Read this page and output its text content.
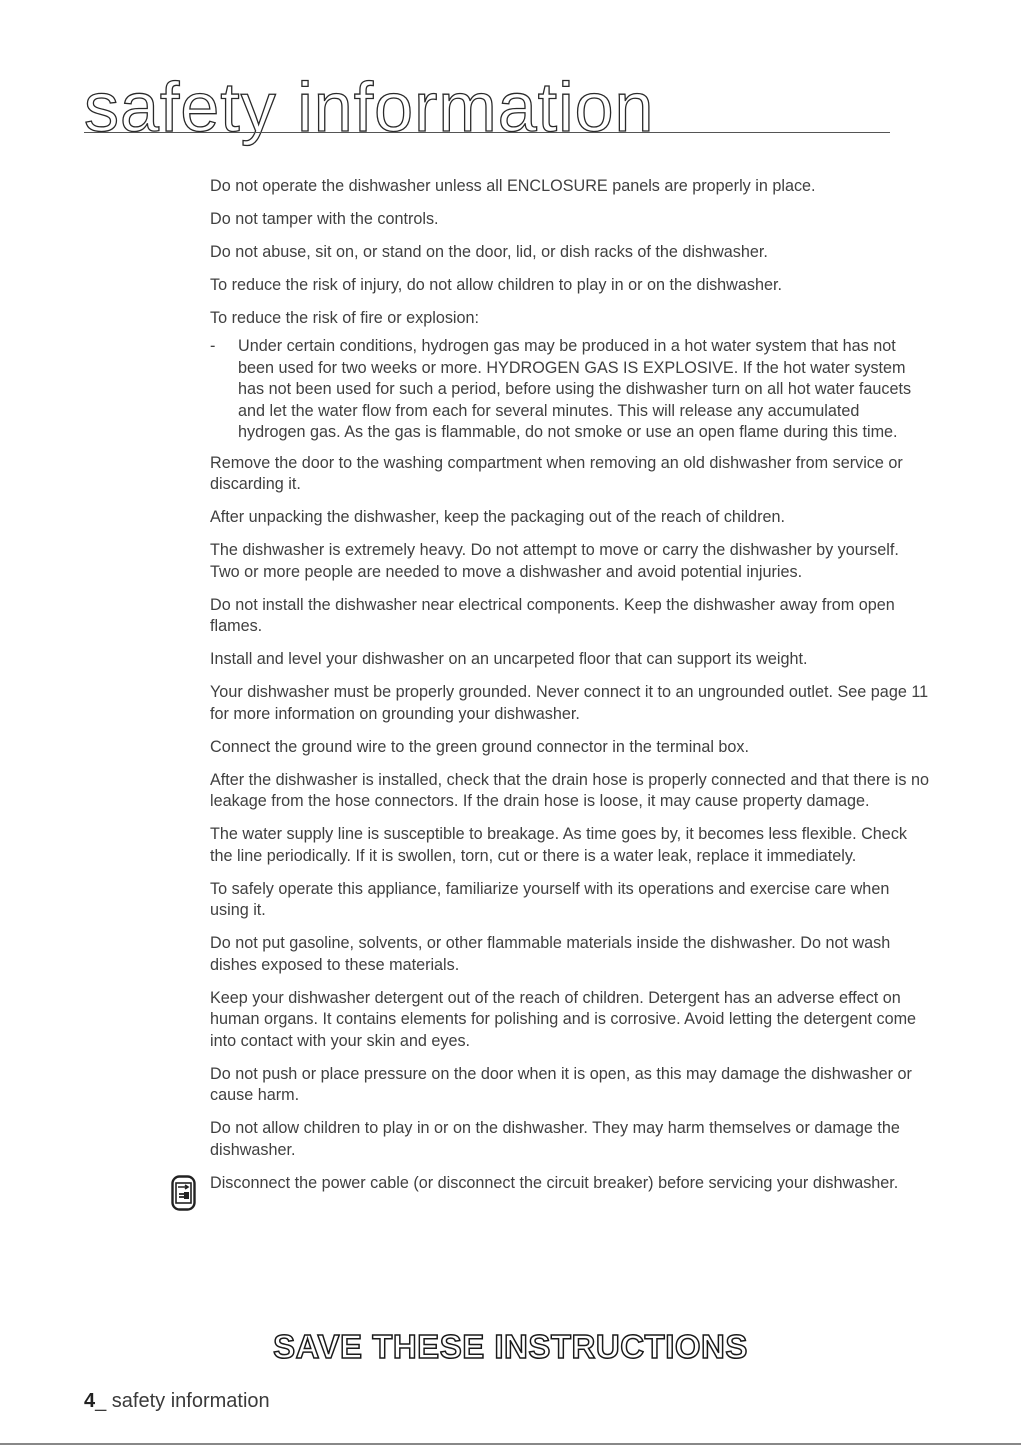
safety information

Do not operate the dishwasher unless all ENCLOSURE panels are properly in place.

Do not tamper with the controls.

Do not abuse, sit on, or stand on the door, lid, or dish racks of the dishwasher.

To reduce the risk of injury, do not allow children to play in or on the dishwasher.

To reduce the risk of fire or explosion:

- Under certain conditions, hydrogen gas may be produced in a hot water system that has not been used for two weeks or more. HYDROGEN GAS IS EXPLOSIVE. If the hot water system has not been used for such a period, before using the dishwasher turn on all hot water faucets and let the water flow from each for several minutes. This will release any accumulated hydrogen gas. As the gas is flammable, do not smoke or use an open flame during this time.

Remove the door to the washing compartment when removing an old dishwasher from service or discarding it.

After unpacking the dishwasher, keep the packaging out of the reach of children.

The dishwasher is extremely heavy. Do not attempt to move or carry the dishwasher by yourself. Two or more people are needed to move a dishwasher and avoid potential injuries.

Do not install the dishwasher near electrical components. Keep the dishwasher away from open flames.

Install and level your dishwasher on an uncarpeted floor that can support its weight.

Your dishwasher must be properly grounded. Never connect it to an ungrounded outlet. See page 11 for more information on grounding your dishwasher.

Connect the ground wire to the green ground connector in the terminal box.

After the dishwasher is installed, check that the drain hose is properly connected and that there is no leakage from the hose connectors. If the drain hose is loose, it may cause property damage.

The water supply line is susceptible to breakage. As time goes by, it becomes less flexible. Check the line periodically. If it is swollen, torn, cut or there is a water leak, replace it immediately.

To safely operate this appliance, familiarize yourself with its operations and exercise care when using it.

Do not put gasoline, solvents, or other flammable materials inside the dishwasher. Do not wash dishes exposed to these materials.

Keep your dishwasher detergent out of the reach of children. Detergent has an adverse effect on human organs. It contains elements for polishing and is corrosive. Avoid letting the detergent come into contact with your skin and eyes.

Do not push or place pressure on the door when it is open, as this may damage the dishwasher or cause harm.

Do not allow children to play in or on the dishwasher. They may harm themselves or damage the dishwasher.

Disconnect the power cable (or disconnect the circuit breaker) before servicing your dishwasher.

SAVE THESE INSTRUCTIONS

4_ safety information
